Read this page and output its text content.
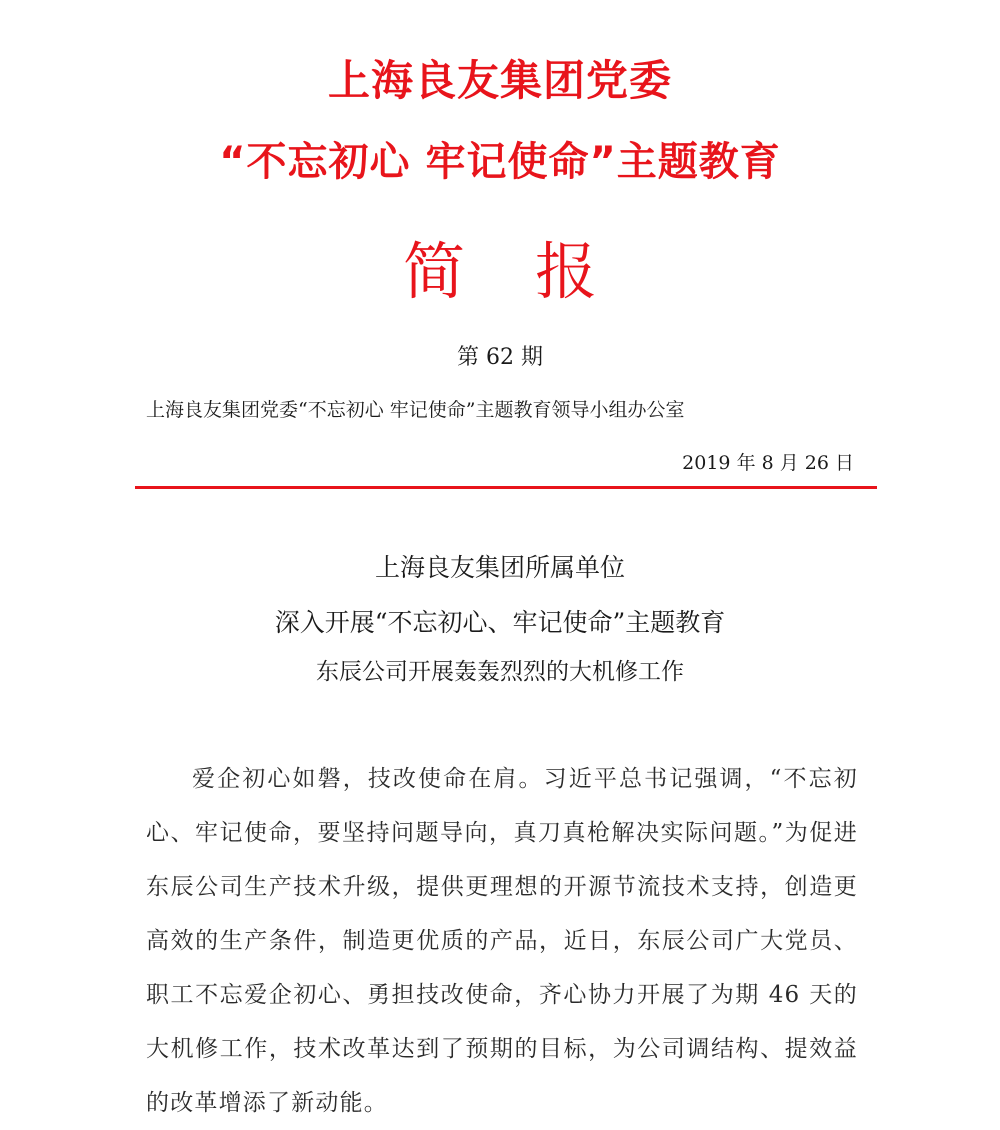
上海良友集团党委
“不忘初心 牢记使命”主题教育
简报
第 62 期
上海良友集团党委“不忘初心 牢记使命”主题教育领导小组办公室
2019 年 8 月 26 日
上海良友集团所属单位
深入开展“不忘初心、牢记使命”主题教育
东辰公司开展轰轰烈烈的大机修工作

爱企初心如磐，技改使命在肩。习近平总书记强调，“不忘初心、牢记使命，要坚持问题导向，真刀真枪解决实际问题。”为促进东辰公司生产技术升级，提供更理想的开源节流技术支持，创造更高效的生产条件，制造更优质的产品，近日，东辰公司广大党员、职工不忘爱企初心、勇担技改使命，齐心协力开展了为期 46 天的大机修工作，技术改革达到了预期的目标，为公司调结构、提效益的改革增添了新动能。
